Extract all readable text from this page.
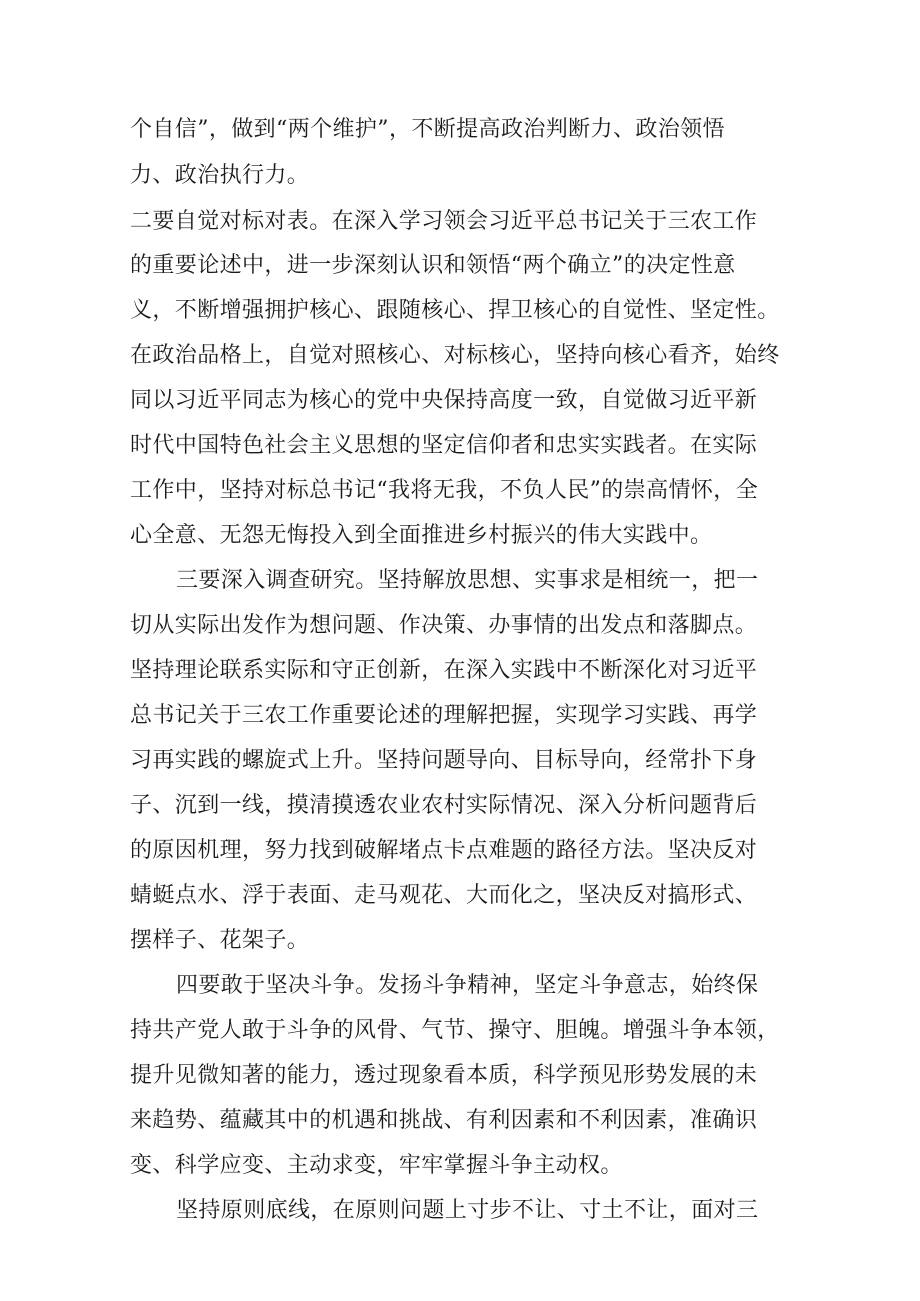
个自信”，做到“两个维护”，不断提高政治判断力、政治领悟
力、政治执行力。
二要自觉对标对表。在深入学习领会习近平总书记关于三农工作
的重要论述中，进一步深刻认识和领悟“两个确立”的决定性意
义，不断增强拥护核心、跟随核心、捍卫核心的自觉性、坚定性。
在政治品格上，自觉对照核心、对标核心，坚持向核心看齐，始终
同以习近平同志为核心的党中央保持高度一致，自觉做习近平新
时代中国特色社会主义思想的坚定信仰者和忠实实践者。在实际
工作中，坚持对标总书记“我将无我，不负人民”的崇高情怀，全
心全意、无怨无悔投入到全面推进乡村振兴的伟大实践中。
三要深入调查研究。坚持解放思想、实事求是相统一，把一
切从实际出发作为想问题、作决策、办事情的出发点和落脚点。
坚持理论联系实际和守正创新，在深入实践中不断深化对习近平
总书记关于三农工作重要论述的理解把握，实现学习实践、再学
习再实践的螺旋式上升。坚持问题导向、目标导向，经常扑下身
子、沉到一线，摸清摸透农业农村实际情况、深入分析问题背后
的原因机理，努力找到破解堵点卡点难题的路径方法。坚决反对
蜻蜓点水、浮于表面、走马观花、大而化之，坚决反对搞形式、
摆样子、花架子。
四要敢于坚决斗争。发扬斗争精神，坚定斗争意志，始终保
持共产党人敢于斗争的风骨、气节、操守、胆魄。增强斗争本领，
提升见微知著的能力，透过现象看本质，科学预见形势发展的未
来趋势、蕴藏其中的机遇和挑战、有利因素和不利因素，准确识
变、科学应变、主动求变，牢牢掌握斗争主动权。
坚持原则底线，在原则问题上寸步不让、寸土不让，面对三
